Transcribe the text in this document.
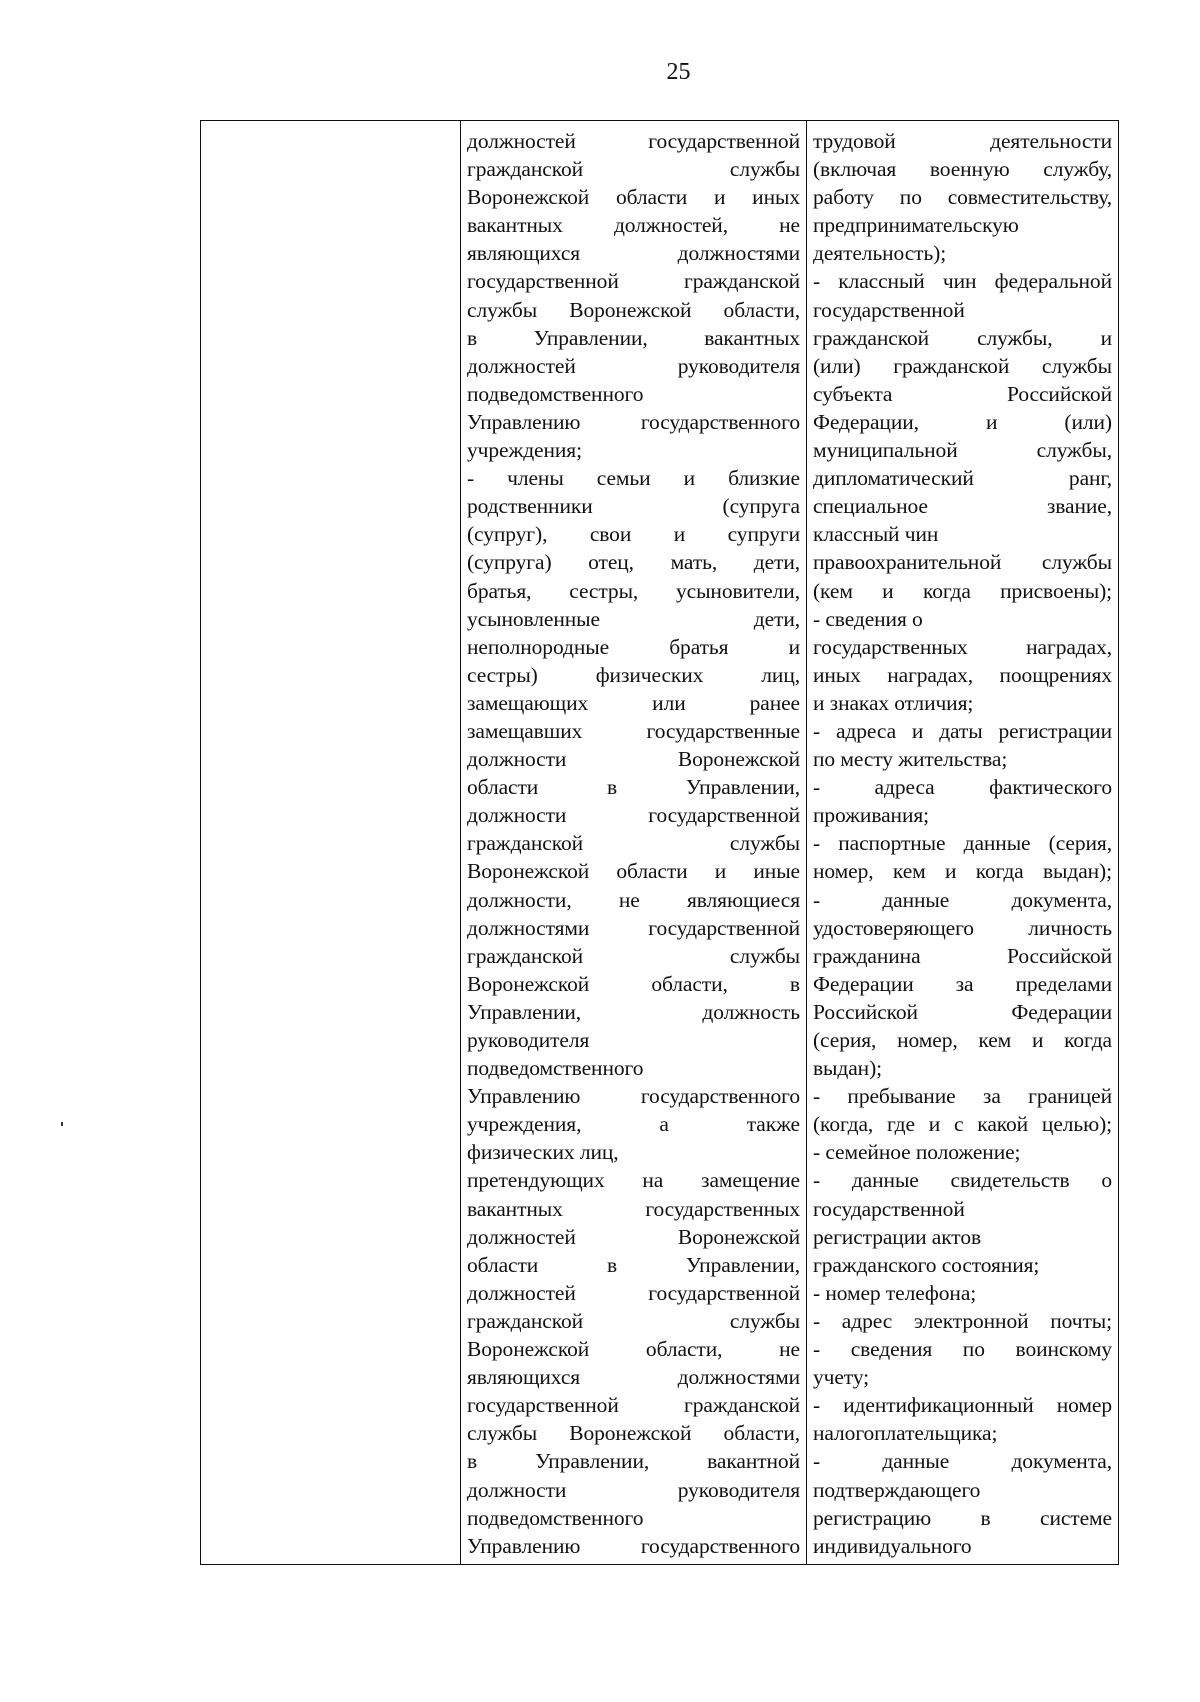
25
должностей государственной
гражданской службы
Воронежской области и иных
вакантных должностей, не
являющихся должностями
государственной гражданской
службы Воронежской области,
в Управлении, вакантных
должностей руководителя
подведомственного
Управлению государственного
учреждения;
- члены семьи и близкие
родственники (супруга
(супруг), свои и супруги
(супруга) отец, мать, дети,
братья, сестры, усыновители,
усыновленные дети,
неполнородные братья и
сестры) физических лиц,
замещающих или ранее
замещавших государственные
должности Воронежской
области в Управлении,
должности государственной
гражданской службы
Воронежской области и иные
должности, не являющиеся
должностями государственной
гражданской службы
Воронежской области, в
Управлении, должность
руководителя
подведомственного
Управлению государственного
учреждения, а также
физических лиц,
претендующих на замещение
вакантных государственных
должностей Воронежской
области в Управлении,
должностей государственной
гражданской службы
Воронежской области, не
являющихся должностями
государственной гражданской
службы Воронежской области,
в Управлении, вакантной
должности руководителя
подведомственного
Управлению государственного
трудовой деятельности
(включая военную службу,
работу по совместительству,
предпринимательскую
деятельность);
- классный чин федеральной
государственной
гражданской службы, и
(или) гражданской службы
субъекта Российской
Федерации, и (или)
муниципальной службы,
дипломатический ранг,
специальное звание,
классный чин
правоохранительной службы
(кем и когда присвоены);
- сведения о
государственных наградах,
иных наградах, поощрениях
и знаках отличия;
- адреса и даты регистрации
по месту жительства;
- адреса фактического
проживания;
- паспортные данные (серия,
номер, кем и когда выдан);
- данные документа,
удостоверяющего личность
гражданина Российской
Федерации за пределами
Российской Федерации
(серия, номер, кем и когда
выдан);
- пребывание за границей
(когда, где и с какой целью);
- семейное положение;
- данные свидетельств о
государственной
регистрации актов
гражданского состояния;
- номер телефона;
- адрес электронной почты;
- сведения по воинскому
учету;
- идентификационный номер
налогоплательщика;
- данные документа,
подтверждающего
регистрацию в системе
индивидуального
